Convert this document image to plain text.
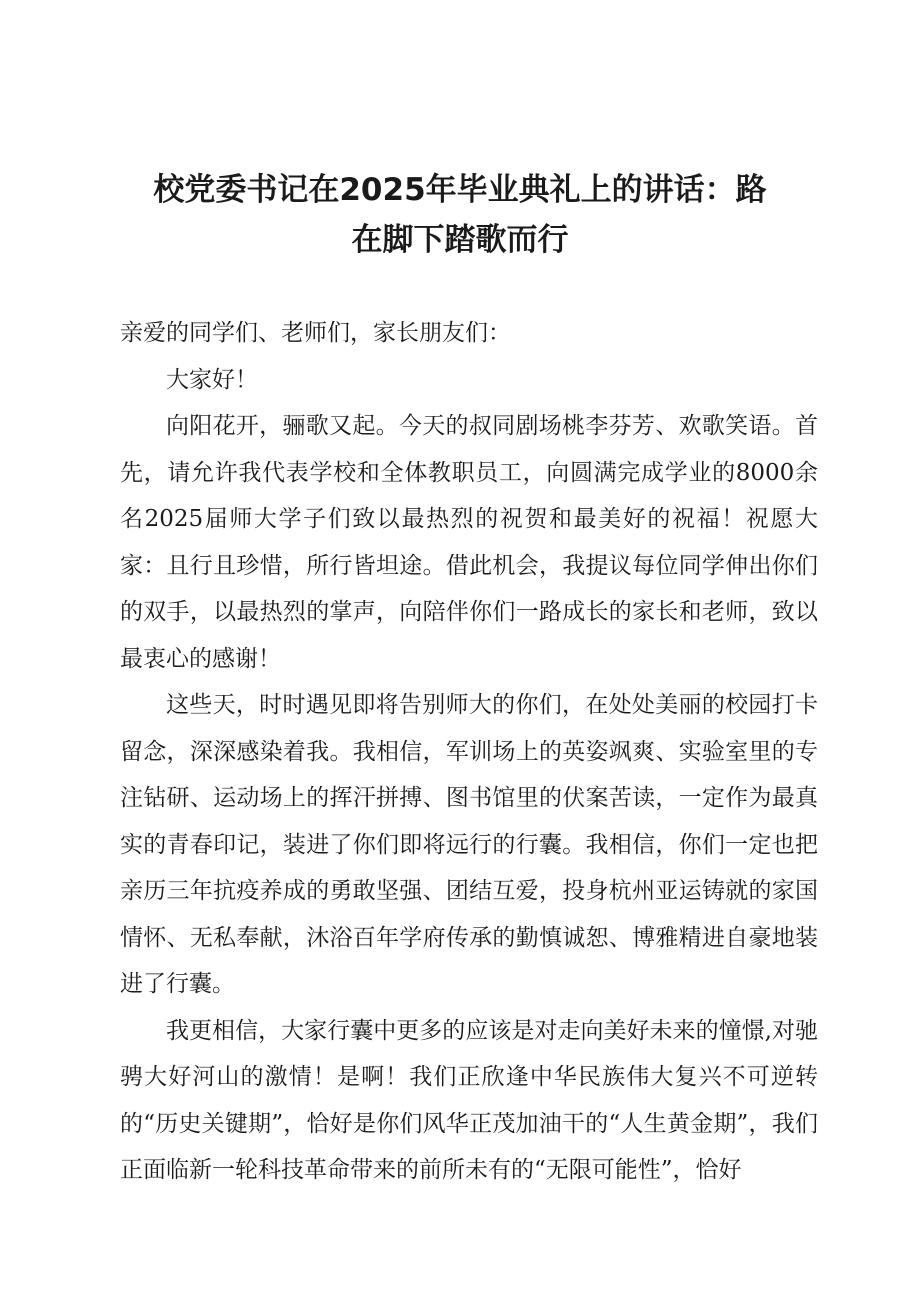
校党委书记在2025年毕业典礼上的讲话：路
在脚下踏歌而行

亲爱的同学们、老师们，家长朋友们：

大家好！

向阳花开，骊歌又起。今天的叔同剧场桃李芬芳、欢歌笑语。首先，请允许我代表学校和全体教职员工，向圆满完成学业的8000余名2025届师大学子们致以最热烈的祝贺和最美好的祝福！祝愿大家：且行且珍惜，所行皆坦途。借此机会，我提议每位同学伸出你们的双手，以最热烈的掌声，向陪伴你们一路成长的家长和老师，致以最衷心的感谢！

这些天，时时遇见即将告别师大的你们，在处处美丽的校园打卡留念，深深感染着我。我相信，军训场上的英姿飒爽、实验室里的专注钻研、运动场上的挥汗拼搏、图书馆里的伏案苦读，一定作为最真实的青春印记，装进了你们即将远行的行囊。我相信，你们一定也把亲历三年抗疫养成的勇敢坚强、团结互爱，投身杭州亚运铸就的家国情怀、无私奉献，沐浴百年学府传承的勤慎诚恕、博雅精进自豪地装进了行囊。

我更相信，大家行囊中更多的应该是对走向美好未来的憧憬,对驰骋大好河山的激情！是啊！我们正欣逢中华民族伟大复兴不可逆转的“历史关键期”，恰好是你们风华正茂加油干的“人生黄金期”，我们正面临新一轮科技革命带来的前所未有的“无限可能性”，恰好
